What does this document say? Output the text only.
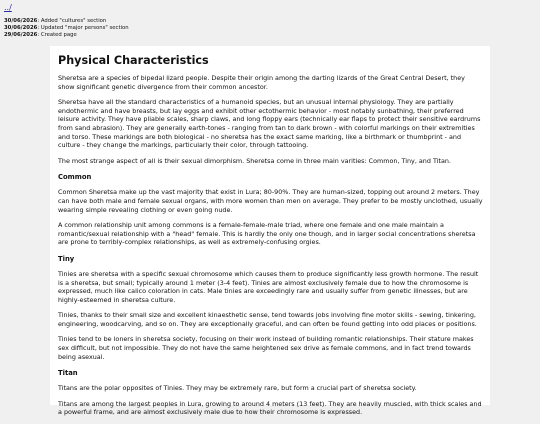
../
30/06/2026: Added "cultures" section
30/06/2026: Updated "major persons" section
29/06/2026: Created page
Physical Characteristics

Sheretsa are a species of bipedal lizard people. Despite their origin among the darting lizards of the Great Central Desert, they show significant genetic divergence from their common ancestor.

Sheretsa have all the standard characteristics of a humanoid species, but an unusual internal physiology. They are partially endothermic and have breasts, but lay eggs and exhibit other ectothermic behavior - most notably sunbathing, their preferred leisure activity. They have pliable scales, sharp claws, and long floppy ears (technically ear flaps to protect their sensitive eardrums from sand abrasion). They are generally earth-tones - ranging from tan to dark brown - with colorful markings on their extremities and torso. These markings are both biological - no sheretsa has the exact same marking, like a birthmark or thumbprint - and culture - they change the markings, particularly their color, through tattooing.

The most strange aspect of all is their sexual dimorphism. Sheretsa come in three main varities: Common, Tiny, and Titan.

Common

Common Sheretsa make up the vast majority that exist in Lura; 80-90%. They are human-sized, topping out around 2 meters. They can have both male and female sexual organs, with more women than men on average. They prefer to be mostly unclothed, usually wearing simple revealing clothing or even going nude.

A common relationship unit among commons is a female-female-male triad, where one female and one male maintain a romantic/sexual relationship with a "head" female. This is hardly the only one though, and in larger social concentrations sheretsa are prone to terribly-complex relationships, as well as extremely-confusing orgies.

Tiny

Tinies are sheretsa with a specific sexual chromosome which causes them to produce significantly less growth hormone. The result is a sheretsa, but small; typically around 1 meter (3-4 feet). Tinies are almost exclusively female due to how the chromosome is expressed, much like calico coloration in cats. Male tinies are exceedingly rare and usually suffer from genetic illnesses, but are highly-esteemed in sheretsa culture.

Tinies, thanks to their small size and excellent kinaesthetic sense, tend towards jobs involving fine motor skills - sewing, tinkering, engineering, woodcarving, and so on. They are exceptionally graceful, and can often be found getting into odd places or positions.

Tinies tend to be loners in sheretsa society, focusing on their work instead of building romantic relationships. Their stature makes sex difficult, but not impossible. They do not have the same heightened sex drive as female commons, and in fact trend towards being asexual.

Titan

Titans are the polar opposites of Tinies. They may be extremely rare, but form a crucial part of sheretsa society.

Titans are among the largest peoples in Lura, growing to around 4 meters (13 feet). They are heavily muscled, with thick scales and a powerful frame, and are almost exclusively male due to how their chromosome is expressed.
